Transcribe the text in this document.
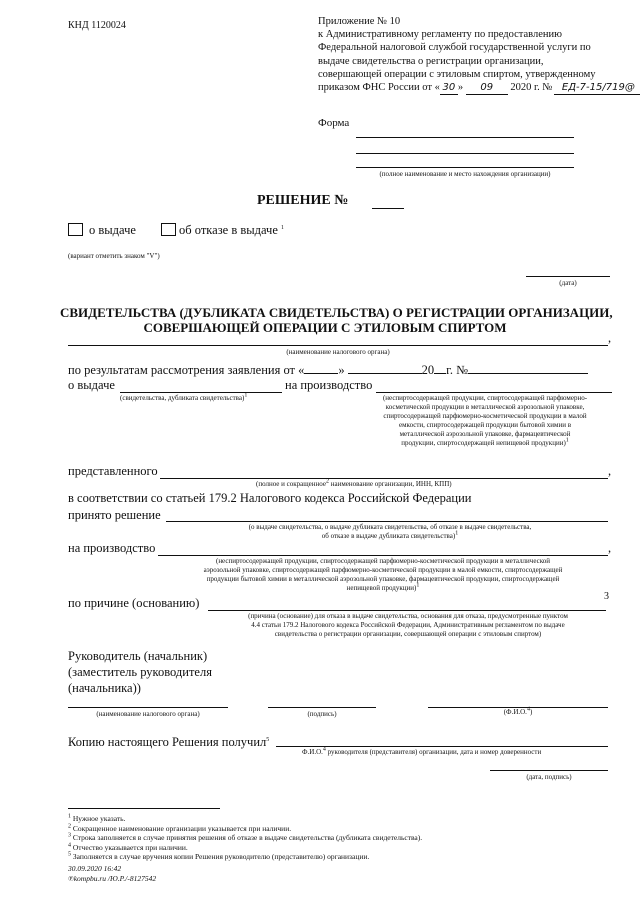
КНД 1120024	Приложение № 10
к Административному регламенту по предоставлению
Федеральной налоговой службой государственной услуги по
выдаче свидетельства о регистрации организации,
совершающей операции с этиловым спиртом, утвержденному
приказом ФНС России от « 30 » 09 2020 г. № ЕД-7-15/719@
Форма
(полное наименование и место нахождения организации)
РЕШЕНИЕ №
о выдаче	об отказе в выдаче $^1$
(вариант отметить знаком "V")
(дата)
СВИДЕТЕЛЬСТВА (ДУБЛИКАТА СВИДЕТЕЛЬСТВА) О РЕГИСТРАЦИИ ОРГАНИЗАЦИИ,
СОВЕРШАЮЩЕЙ ОПЕРАЦИИ С ЭТИЛОВЫМ СПИРТОМ
,
(наименование налогового органа)
по результатам рассмотрения заявления от «	»	20 г. №
о выдаче	на производство
(свидетельства, дубликата свидетельства)$^1$	(неспиртосодержащей продукции, спиртосодержащей парфюмерно-
косметической продукции в металлической аэрозольной упаковке,
спиртосодержащей парфюмерно-косметической продукции в малой
емкости, спиртосодержащей продукции бытовой химии в
металлической аэрозольной упаковке, фармацевтической
продукции, спиртосодержащей непищевой продукции)$^1$
представленного	,
(полное и сокращенное$^2$ наименование организации, ИНН, КПП)
в соответствии со статьей 179.2 Налогового кодекса Российской Федерации
принято решение
(о выдаче свидетельства, о выдаче дубликата свидетельства, об отказе в выдаче свидетельства,
об отказе в выдаче дубликата свидетельства)$^1$
на производство	,
(неспиртосодержащей продукции, спиртосодержащей парфюмерно-косметической продукции в металлической
аэрозольной упаковке, спиртосодержащей парфюмерно-косметической продукции в малой емкости, спиртосодержащей
продукции бытовой химии в металлической аэрозольной упаковке, фармацевтической продукции, спиртосодержащей
непищевой продукции)$^1$
по причине (основанию)	3
(причина (основание) для отказа в выдаче свидетельства, основания для отказа, предусмотренные пунктом
4.4 статьи 179.2 Налогового кодекса Российской Федерации, Административным регламентом по выдаче
свидетельства о регистрации организации, совершающей операции с этиловым спиртом)
Руководитель (начальник)
(заместитель руководителя
(начальника))
(наименование налогового органа)	(подпись)	(Ф.И.О.$^4$)
Копию настоящего Решения получил$^5$
Ф.И.О.$^4$ руководителя (представителя) организации, дата и номер доверенности
(дата, подпись)
$^1$ Нужное указать.
$^2$ Сокращенное наименование организации указывается при наличии.
$^3$ Строка заполняется в случае принятия решения об отказе в выдаче свидетельства (дубликата свидетельства).
$^4$ Отчество указывается при наличии.
$^5$ Заполняется в случае вручения копии Решения руководителю (представителю) организации.
30.09.2020 16:42
℗kompbu.ru /Ю.Р./-8127542
